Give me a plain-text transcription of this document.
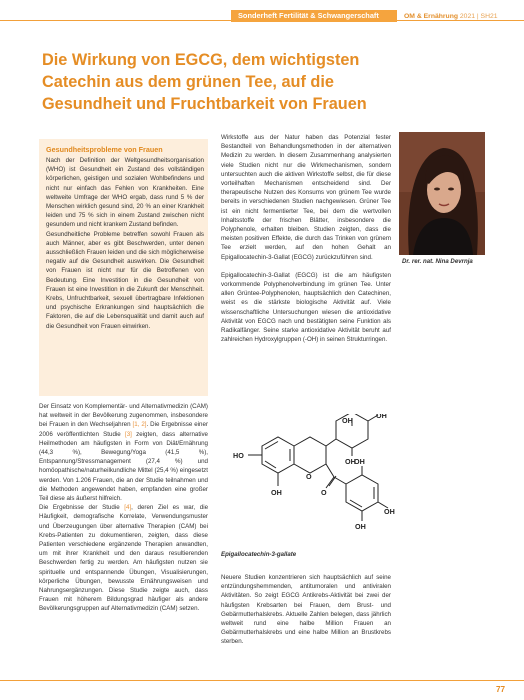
Sonderheft Fertilität & Schwangerschaft	OM & Ernährung 2021 | SH21
Die Wirkung von EGCG, dem wichtigsten
Catechin aus dem grünen Tee, auf die
Gesundheit und Fruchtbarkeit von Frauen
Gesundheitsprobleme von Frauen

Nach der Definition der Weltgesundheitsorganisation (WHO) ist Gesundheit ein Zustand des vollständigen körperlichen, geistigen und sozialen Wohlbefindens und nicht nur einfach das Fehlen von Krankheiten. Eine weltweite Umfrage der WHO ergab, dass rund 5 % der Menschen wirklich gesund sind, 20 % an einer Krankheit leiden und 75 % sich in einem Zustand zwischen nicht gesundem und nicht krankem Zustand befinden.

Gesundheitliche Probleme betreffen sowohl Frauen als auch Männer, aber es gibt Beschwerden, unter denen ausschließlich Frauen leiden und die sich möglicherweise negativ auf die Gesundheit auswirken. Die Gesundheit von Frauen ist nicht nur für die Betroffenen von Bedeutung. Eine Investition in die Gesundheit von Frauen ist eine Investition in die Zukunft der Menschheit. Krebs, Unfruchtbarkeit, sexuell übertragbare Infektionen und psychische Erkrankungen sind hauptsächlich die Faktoren, die auf die Lebensqualität und damit auch auf die Gesundheit von Frauen einwirken.

Der Einsatz von Komplementär- und Alternativmedizin (CAM) hat weltweit in der Bevölkerung zugenommen, insbesondere bei Frauen in den Wechseljahren [1, 2]. Die Ergebnisse einer 2006 veröffentlichten Studie [3] zeigten, dass alternative Heilmethoden am häufigsten in Form von Diät/Ernährung (44,3 %), Bewegung/Yoga (41,5 %), Entspannung/Stressmanagement (27,4 %) und homöopathische/naturheilkundliche Mittel (25,4 %) eingesetzt werden. Von 1.206 Frauen, die an der Studie teilnahmen und die Methoden angewendet haben, empfanden eine großer Teil diese als äußerst hilfreich.

Die Ergebnisse der Studie [4], deren Ziel es war, die Häufigkeit, demografische Korrelate, Verwendungsmuster und Überzeugungen über alternative Therapien (CAM) bei Krebs-Patienten zu dokumentieren, zeigten, dass diese Patienten verschiedene ergänzende Therapien anwandten, um mit ihrer Krankheit und den daraus resultierenden Beschwerden fertig zu werden. Am häufigsten nutzen sie spirituelle und entspannende Übungen, Visualisierungen, körperliche Übungen, bewusste Ernährungsweisen und Nahrungsergänzungen. Diese Studie zeigte auch, dass Frauen mit höherem Bildungsgrad häufiger als andere Bevölkerungsgruppen auf Alternativmedizin (CAM) setzen.

Wirkstoffe aus der Natur haben das Potenzial fester Bestandteil von Behandlungsmethoden in der alternativen Medizin zu werden. In diesem Zusammenhang analysierten viele Studien nicht nur die Wirkmechanismen, sondern untersuchten auch die aktiven Wirkstoffe selbst, die für diese vorteilhaften Mechanismen entscheidend sind. Der therapeutische Nutzen des Konsums von grünem Tee wurde bereits in verschiedenen Studien nachgewiesen. Grüner Tee ist ein nicht fermentierter Tee, bei dem die wertvollen Inhaltsstoffe der frischen Blätter, insbesondere die Polyphenole, erhalten bleiben. Studien zeigten, dass die meisten positiven Effekte, die durch das Trinken von grünem Tee erzielt werden, auf den hohen Gehalt an Epigallocatechin-3-Gallat (EGCG) zurückzuführen sind.

Epigallocatechin-3-Gallat (EGCG) ist die am häufigsten vorkommende Polyphenolverbindung im grünen Tee. Unter allen Grüntee-Polyphenolen, hauptsächlich den Catechinen, weist es die stärkste biologische Aktivität auf. Viele wissenschaftliche Untersuchungen wiesen die antioxidative Aktivität von EGCG nach und bestätigten seine Funktion als Radikalfänger. Seine starke antioxidative Aktivität beruht auf zahlreichen Hydroxylgruppen (-OH) in seinen Strukturringen.

HO
OH
OH
OH
OH
O
O
OH
OH
OH
Epigallocatechin-3-gallate

Neuere Studien konzentrieren sich hauptsächlich auf seine entzündungshemmenden, antitumoralen und antiviralen Aktivitäten. So zeigt EGCG Antikrebs-Aktivität bei zwei der häufigsten Krebsarten bei Frauen, dem Brust- und Gebärmutterhalskrebs. Aktuelle Zahlen belegen, dass jährlich weltweit rund eine halbe Million Frauen an Gebärmutterhalskrebs und eine halbe Million an Brustkrebs sterben.

Dr. rer. nat. Nina Devrnja
77
